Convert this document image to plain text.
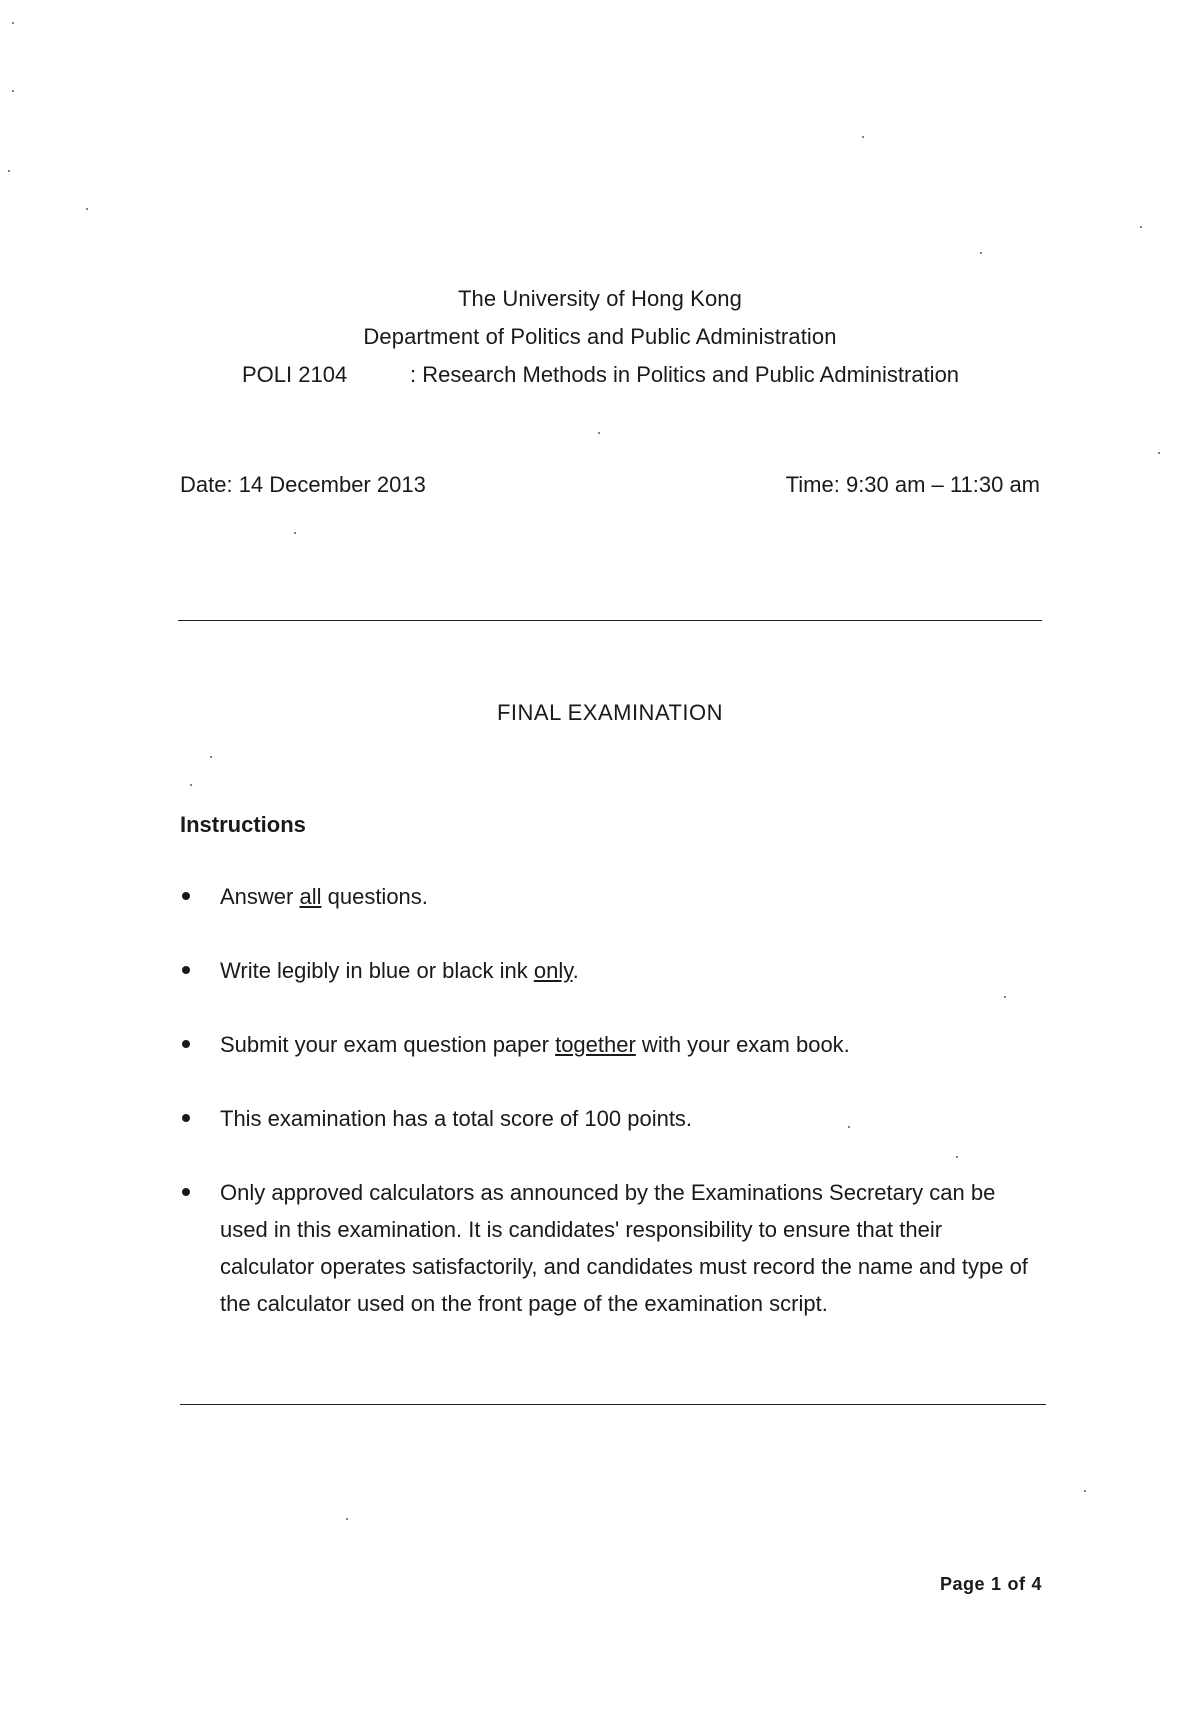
The University of Hong Kong
Department of Politics and Public Administration
POLI 2104	: Research Methods in Politics and Public Administration
Date: 14 December 2013	Time: 9:30 am – 11:30 am
FINAL EXAMINATION
Instructions
Answer all questions.
Write legibly in blue or black ink only.
Submit your exam question paper together with your exam book.
This examination has a total score of 100 points.
Only approved calculators as announced by the Examinations Secretary can be used in this examination. It is candidates' responsibility to ensure that their calculator operates satisfactorily, and candidates must record the name and type of the calculator used on the front page of the examination script.
Page 1 of 4
